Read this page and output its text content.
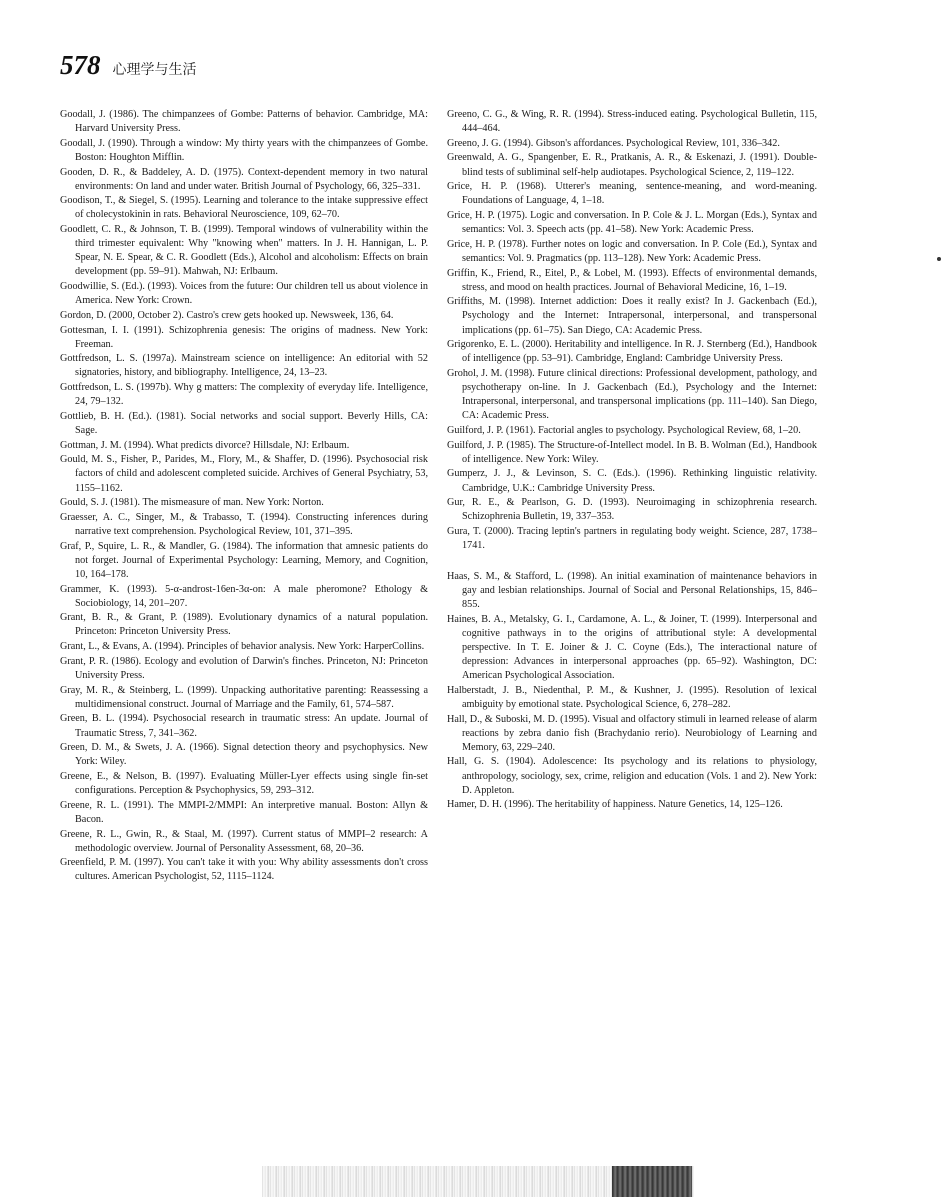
578 心理学与生活

Goodall, J. (1986). The chimpanzees of Gombe: Patterns of behavior. Cambridge, MA: Harvard University Press.

Goodall, J. (1990). Through a window: My thirty years with the chimpanzees of Gombe. Boston: Houghton Mifflin.

Gooden, D. R., & Baddeley, A. D. (1975). Context-dependent memory in two natural environments: On land and under water. British Journal of Psychology, 66, 325–331.

Goodison, T., & Siegel, S. (1995). Learning and tolerance to the intake suppressive effect of cholecystokinin in rats. Behavioral Neuroscience, 109, 62–70.

Goodlett, C. R., & Johnson, T. B. (1999). Temporal windows of vulnerability within the third trimester equivalent: Why "knowing when" matters. In J. H. Hannigan, L. P. Spear, N. E. Spear, & C. R. Goodlett (Eds.), Alcohol and alcoholism: Effects on brain development (pp. 59–91). Mahwah, NJ: Erlbaum.

Goodwillie, S. (Ed.). (1993). Voices from the future: Our children tell us about violence in America. New York: Crown.

Gordon, D. (2000, October 2). Castro's crew gets hooked up. Newsweek, 136, 64.

Gottesman, I. I. (1991). Schizophrenia genesis: The origins of madness. New York: Freeman.

Gottfredson, L. S. (1997a). Mainstream science on intelligence: An editorial with 52 signatories, history, and bibliography. Intelligence, 24, 13–23.

Gottfredson, L. S. (1997b). Why g matters: The complexity of everyday life. Intelligence, 24, 79–132.

Gottlieb, B. H. (Ed.). (1981). Social networks and social support. Beverly Hills, CA: Sage.

Gottman, J. M. (1994). What predicts divorce? Hillsdale, NJ: Erlbaum.

Gould, M. S., Fisher, P., Parides, M., Flory, M., & Shaffer, D. (1996). Psychosocial risk factors of child and adolescent completed suicide. Archives of General Psychiatry, 53, 1155–1162.

Gould, S. J. (1981). The mismeasure of man. New York: Norton.

Graesser, A. C., Singer, M., & Trabasso, T. (1994). Constructing inferences during narrative text comprehension. Psychological Review, 101, 371–395.

Graf, P., Squire, L. R., & Mandler, G. (1984). The information that amnesic patients do not forget. Journal of Experimental Psychology: Learning, Memory, and Cognition, 10, 164–178.

Grammer, K. (1993). 5-α-androst-16en-3α-on: A male pheromone? Ethology & Sociobiology, 14, 201–207.

Grant, B. R., & Grant, P. (1989). Evolutionary dynamics of a natural population. Princeton: Princeton University Press.

Grant, L., & Evans, A. (1994). Principles of behavior analysis. New York: HarperCollins.

Grant, P. R. (1986). Ecology and evolution of Darwin's finches. Princeton, NJ: Princeton University Press.

Gray, M. R., & Steinberg, L. (1999). Unpacking authoritative parenting: Reassessing a multidimensional construct. Journal of Marriage and the Family, 61, 574–587.

Green, B. L. (1994). Psychosocial research in traumatic stress: An update. Journal of Traumatic Stress, 7, 341–362.

Green, D. M., & Swets, J. A. (1966). Signal detection theory and psychophysics. New York: Wiley.

Greene, E., & Nelson, B. (1997). Evaluating Müller-Lyer effects using single fin-set configurations. Perception & Psychophysics, 59, 293–312.

Greene, R. L. (1991). The MMPI-2/MMPI: An interpretive manual. Boston: Allyn & Bacon.

Greene, R. L., Gwin, R., & Staal, M. (1997). Current status of MMPI–2 research: A methodologic overview. Journal of Personality Assessment, 68, 20–36.

Greenfield, P. M. (1997). You can't take it with you: Why ability assessments don't cross cultures. American Psychologist, 52, 1115–1124.

Greeno, C. G., & Wing, R. R. (1994). Stress-induced eating. Psychological Bulletin, 115, 444–464.

Greeno, J. G. (1994). Gibson's affordances. Psychological Review, 101, 336–342.

Greenwald, A. G., Spangenber, E. R., Pratkanis, A. R., & Eskenazi, J. (1991). Double-blind tests of subliminal self-help audiotapes. Psychological Science, 2, 119–122.

Grice, H. P. (1968). Utterer's meaning, sentence-meaning, and word-meaning. Foundations of Language, 4, 1–18.

Grice, H. P. (1975). Logic and conversation. In P. Cole & J. L. Morgan (Eds.), Syntax and semantics: Vol. 3. Speech acts (pp. 41–58). New York: Academic Press.

Grice, H. P. (1978). Further notes on logic and conversation. In P. Cole (Ed.), Syntax and semantics: Vol. 9. Pragmatics (pp. 113–128). New York: Academic Press.

Griffin, K., Friend, R., Eitel, P., & Lobel, M. (1993). Effects of environmental demands, stress, and mood on health practices. Journal of Behavioral Medicine, 16, 1–19.

Griffiths, M. (1998). Internet addiction: Does it really exist? In J. Gackenbach (Ed.), Psychology and the Internet: Intrapersonal, interpersonal, and transpersonal implications (pp. 61–75). San Diego, CA: Academic Press.

Grigorenko, E. L. (2000). Heritability and intelligence. In R. J. Sternberg (Ed.), Handbook of intelligence (pp. 53–91). Cambridge, England: Cambridge University Press.

Grohol, J. M. (1998). Future clinical directions: Professional development, pathology, and psychotherapy on-line. In J. Gackenbach (Ed.), Psychology and the Internet: Intrapersonal, interpersonal, and transpersonal implications (pp. 111–140). San Diego, CA: Academic Press.

Guilford, J. P. (1961). Factorial angles to psychology. Psychological Review, 68, 1–20.

Guilford, J. P. (1985). The Structure-of-Intellect model. In B. B. Wolman (Ed.), Handbook of intelligence. New York: Wiley.

Gumperz, J. J., & Levinson, S. C. (Eds.). (1996). Rethinking linguistic relativity. Cambridge, U.K.: Cambridge University Press.

Gur, R. E., & Pearlson, G. D. (1993). Neuroimaging in schizophrenia research. Schizophrenia Bulletin, 19, 337–353.

Gura, T. (2000). Tracing leptin's partners in regulating body weight. Science, 287, 1738–1741.

Haas, S. M., & Stafford, L. (1998). An initial examination of maintenance behaviors in gay and lesbian relationships. Journal of Social and Personal Relationships, 15, 846–855.

Haines, B. A., Metalsky, G. I., Cardamone, A. L., & Joiner, T. (1999). Interpersonal and cognitive pathways in to the origins of attributional style: A developmental perspective. In T. E. Joiner & J. C. Coyne (Eds.), The interactional nature of depression: Advances in interpersonal approaches (pp. 65–92). Washington, DC: American Psychological Association.

Halberstadt, J. B., Niedenthal, P. M., & Kushner, J. (1995). Resolution of lexical ambiguity by emotional state. Psychological Science, 6, 278–282.

Hall, D., & Suboski, M. D. (1995). Visual and olfactory stimuli in learned release of alarm reactions by zebra danio fish (Brachydanio rerio). Neurobiology of Learning and Memory, 63, 229–240.

Hall, G. S. (1904). Adolescence: Its psychology and its relations to physiology, anthropology, sociology, sex, crime, religion and education (Vols. 1 and 2). New York: D. Appleton.

Hamer, D. H. (1996). The heritability of happiness. Nature Genetics, 14, 125–126.
